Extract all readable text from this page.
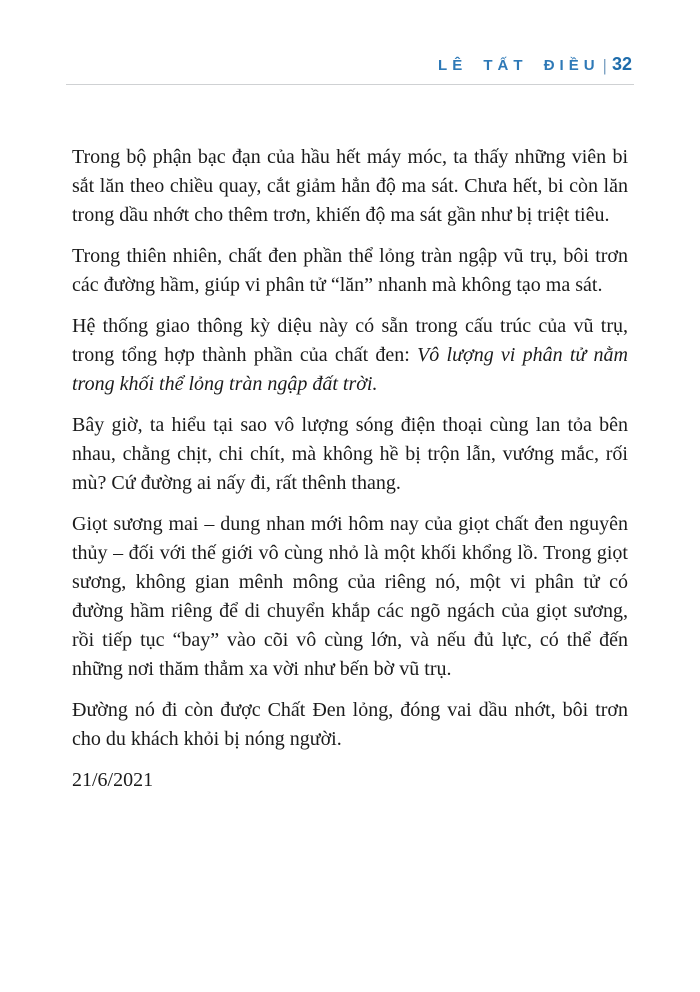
LÊ TẤT ĐIỀU | 32

Trong bộ phận bạc đạn của hầu hết máy móc, ta thấy những viên bi sắt lăn theo chiều quay, cắt giảm hẳn độ ma sát. Chưa hết, bi còn lăn trong dầu nhớt cho thêm trơn, khiến độ ma sát gần như bị triệt tiêu.

Trong thiên nhiên, chất đen phần thể lỏng tràn ngập vũ trụ, bôi trơn các đường hầm, giúp vi phân tử “lăn” nhanh mà không tạo ma sát.

Hệ thống giao thông kỳ diệu này có sẵn trong cấu trúc của vũ trụ, trong tổng hợp thành phần của chất đen: Vô lượng vi phân tử nằm trong khối thể lỏng tràn ngập đất trời.

Bây giờ, ta hiểu tại sao vô lượng sóng điện thoại cùng lan tỏa bên nhau, chằng chịt, chi chít, mà không hề bị trộn lẫn, vướng mắc, rối mù? Cứ đường ai nấy đi, rất thênh thang.

Giọt sương mai – dung nhan mới hôm nay của giọt chất đen nguyên thủy – đối với thế giới vô cùng nhỏ là một khối khổng lồ. Trong giọt sương, không gian mênh mông của riêng nó, một vi phân tử có đường hầm riêng để di chuyển khắp các ngõ ngách của giọt sương, rồi tiếp tục “bay” vào cõi vô cùng lớn, và nếu đủ lực, có thể đến những nơi thăm thẳm xa vời như bến bờ vũ trụ.

Đường nó đi còn được Chất Đen lỏng, đóng vai dầu nhớt, bôi trơn cho du khách khỏi bị nóng người.

21/6/2021
